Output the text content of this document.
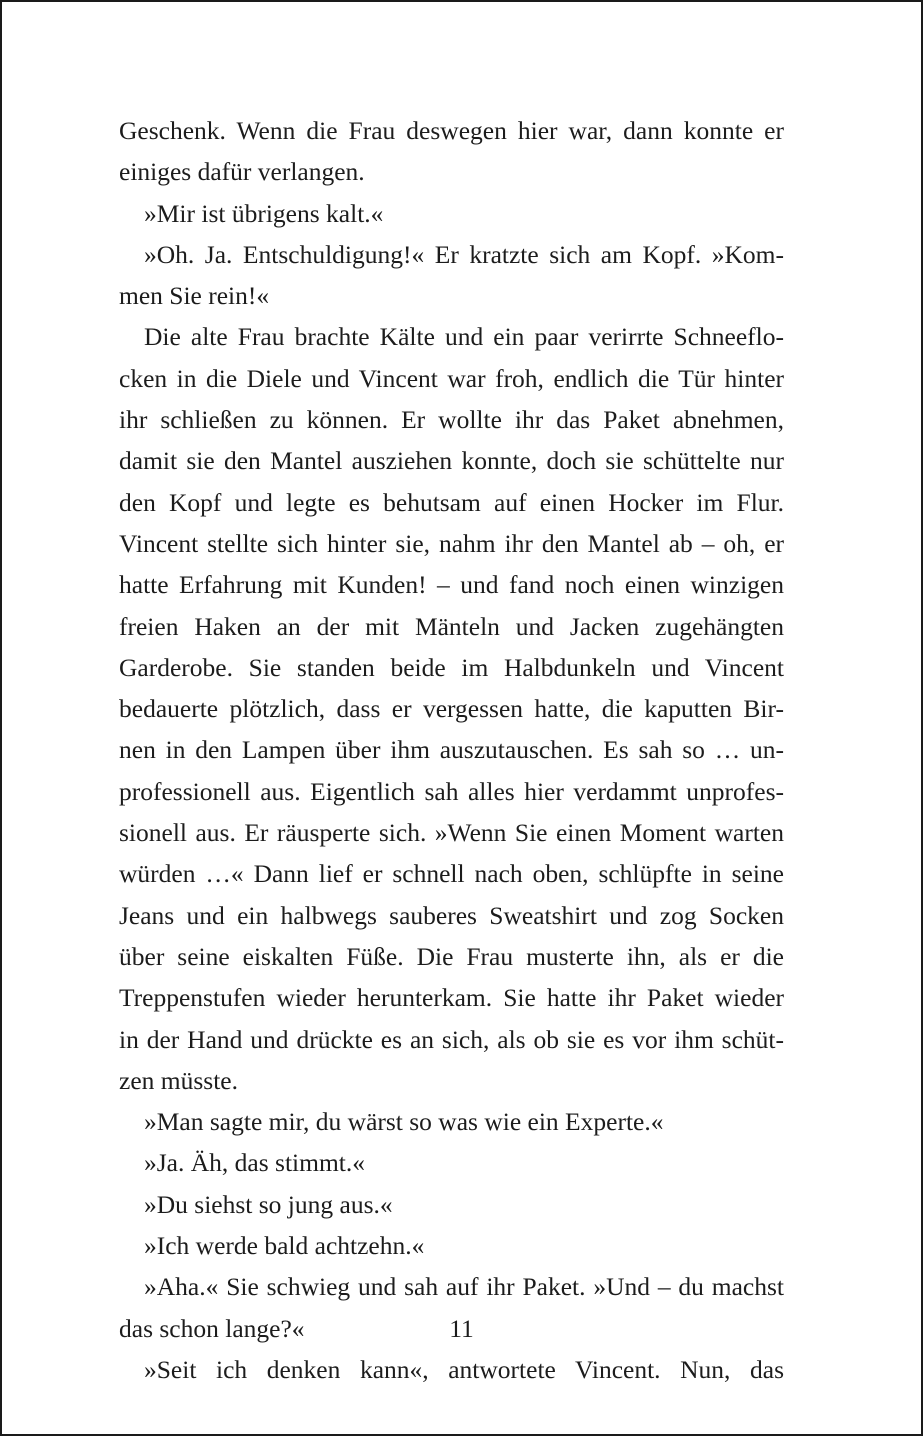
Geschenk. Wenn die Frau deswegen hier war, dann konnte er
einiges dafür verlangen.
»Mir ist übrigens kalt.«
»Oh. Ja. Entschuldigung!« Er kratzte sich am Kopf. »Kom-
men Sie rein!«
Die alte Frau brachte Kälte und ein paar verirrte Schneeflo-
cken in die Diele und Vincent war froh, endlich die Tür hinter
ihr schließen zu können. Er wollte ihr das Paket abnehmen,
damit sie den Mantel ausziehen konnte, doch sie schüttelte nur
den Kopf und legte es behutsam auf einen Hocker im Flur.
Vincent stellte sich hinter sie, nahm ihr den Mantel ab – oh, er
hatte Erfahrung mit Kunden! – und fand noch einen winzigen
freien Haken an der mit Mänteln und Jacken zugehängten
Garderobe. Sie standen beide im Halbdunkeln und Vincent
bedauerte plötzlich, dass er vergessen hatte, die kaputten Bir-
nen in den Lampen über ihm auszutauschen. Es sah so … un-
professionell aus. Eigentlich sah alles hier verdammt unprofes-
sionell aus. Er räusperte sich. »Wenn Sie einen Moment warten
würden …« Dann lief er schnell nach oben, schlüpfte in seine
Jeans und ein halbwegs sauberes Sweatshirt und zog Socken
über seine eiskalten Füße. Die Frau musterte ihn, als er die
Treppenstufen wieder herunterkam. Sie hatte ihr Paket wieder
in der Hand und drückte es an sich, als ob sie es vor ihm schüt-
zen müsste.
»Man sagte mir, du wärst so was wie ein Experte.«
»Ja. Äh, das stimmt.«
»Du siehst so jung aus.«
»Ich werde bald achtzehn.«
»Aha.« Sie schwieg und sah auf ihr Paket. »Und – du machst
das schon lange?«
»Seit ich denken kann«, antwortete Vincent. Nun, das
11
